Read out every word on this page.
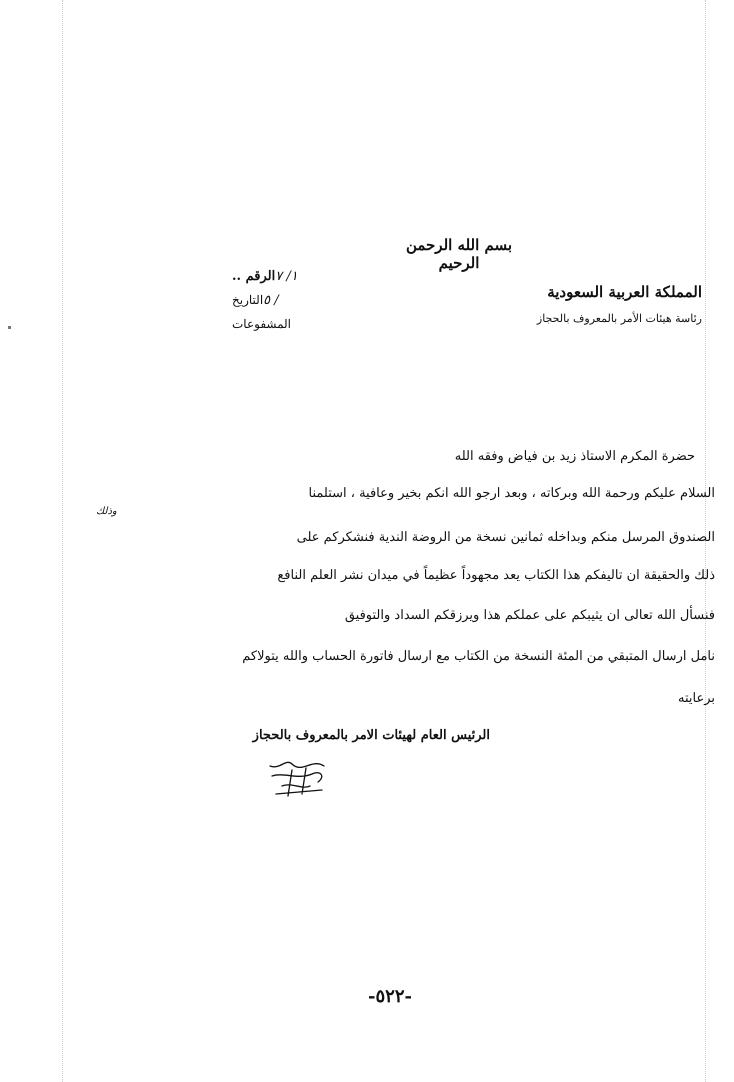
بسم الله الرحمن الرحيم
المملكة العربية السعودية
رئاسة هيئات الأمر بالمعروف بالحجاز
الرقم .. ١/ ٧
التاريخ / ٥
المشفوعات
حضرة المكرم الاستاذ زيد بن فياض وفقه الله
السلام عليكم ورحمة الله وبركاته ، وبعد ارجو الله انكم بخير وعافية ، استلمنا
وذلك
الصندوق المرسل منكم وبداخله ثمانين نسخة من الروضة الندية فنشكركم على
ذلك والحقيقة ان تاليفكم هذا الكتاب يعد مجهوداً عظيماً في ميدان نشر العلم النافع
فنسأل الله تعالى ان يثيبكم على عملكم هذا ويرزقكم السداد والتوفيق
نامل ارسال المتبقي من المئة النسخة من الكتاب مع ارسال فاتورة الحساب والله يتولاكم
برعايته
الرئيس العام لهيئات الامر بالمعروف بالحجاز
-٥٢٢-
